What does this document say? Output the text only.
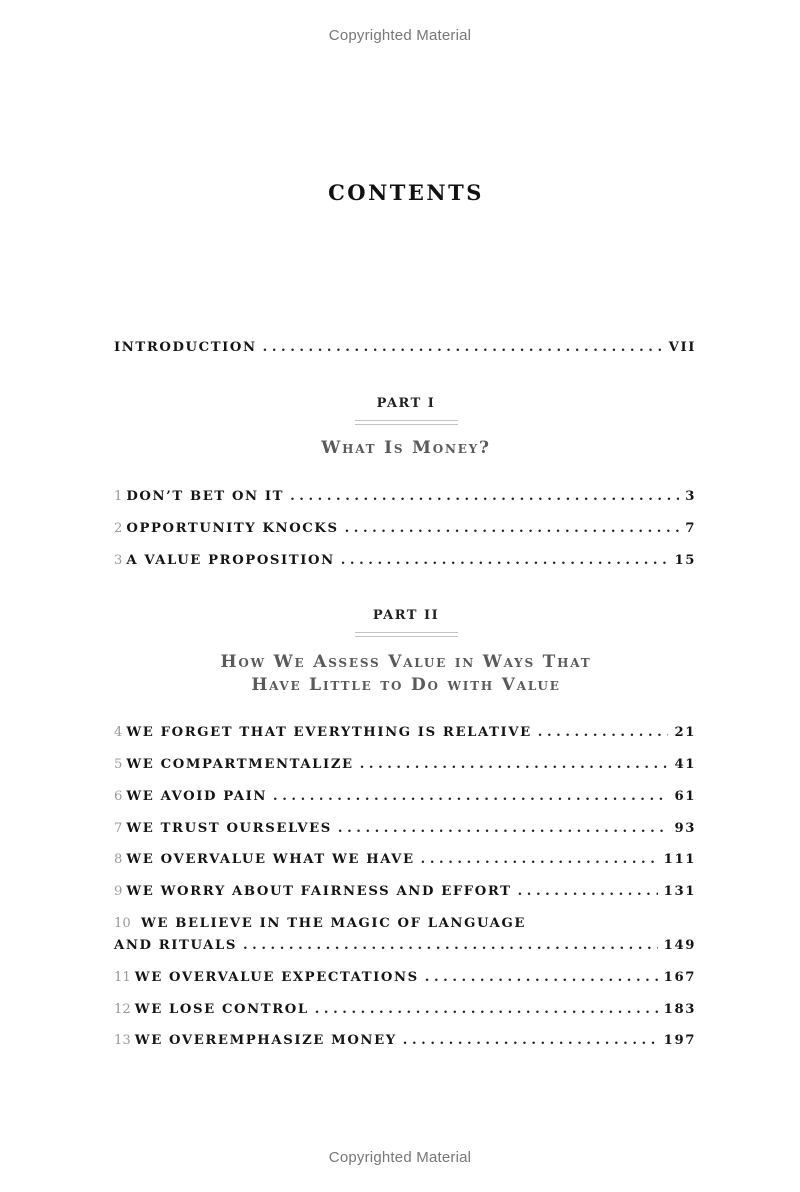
Copyrighted Material
CONTENTS
INTRODUCTION . . .	VII
PART I
What Is Money?
1 DON’T BET ON IT . . .	3
2 OPPORTUNITY KNOCKS . . .	7
3 A VALUE PROPOSITION . . .	15
PART II
How We Assess Value in Ways That
Have Little to Do with Value
4 WE FORGET THAT EVERYTHING IS RELATIVE . . .	21
5 WE COMPARTMENTALIZE . . .	41
6 WE AVOID PAIN . . .	61
7 WE TRUST OURSELVES . . .	93
8 WE OVERVALUE WHAT WE HAVE . . .	111
9 WE WORRY ABOUT FAIRNESS AND EFFORT . . .	131
10 WE BELIEVE IN THE MAGIC OF LANGUAGE
AND RITUALS . . .	149
11 WE OVERVALUE EXPECTATIONS . . .	167
12 WE LOSE CONTROL . . .	183
13 WE OVEREMPHASIZE MONEY . . .	197
Copyrighted Material
